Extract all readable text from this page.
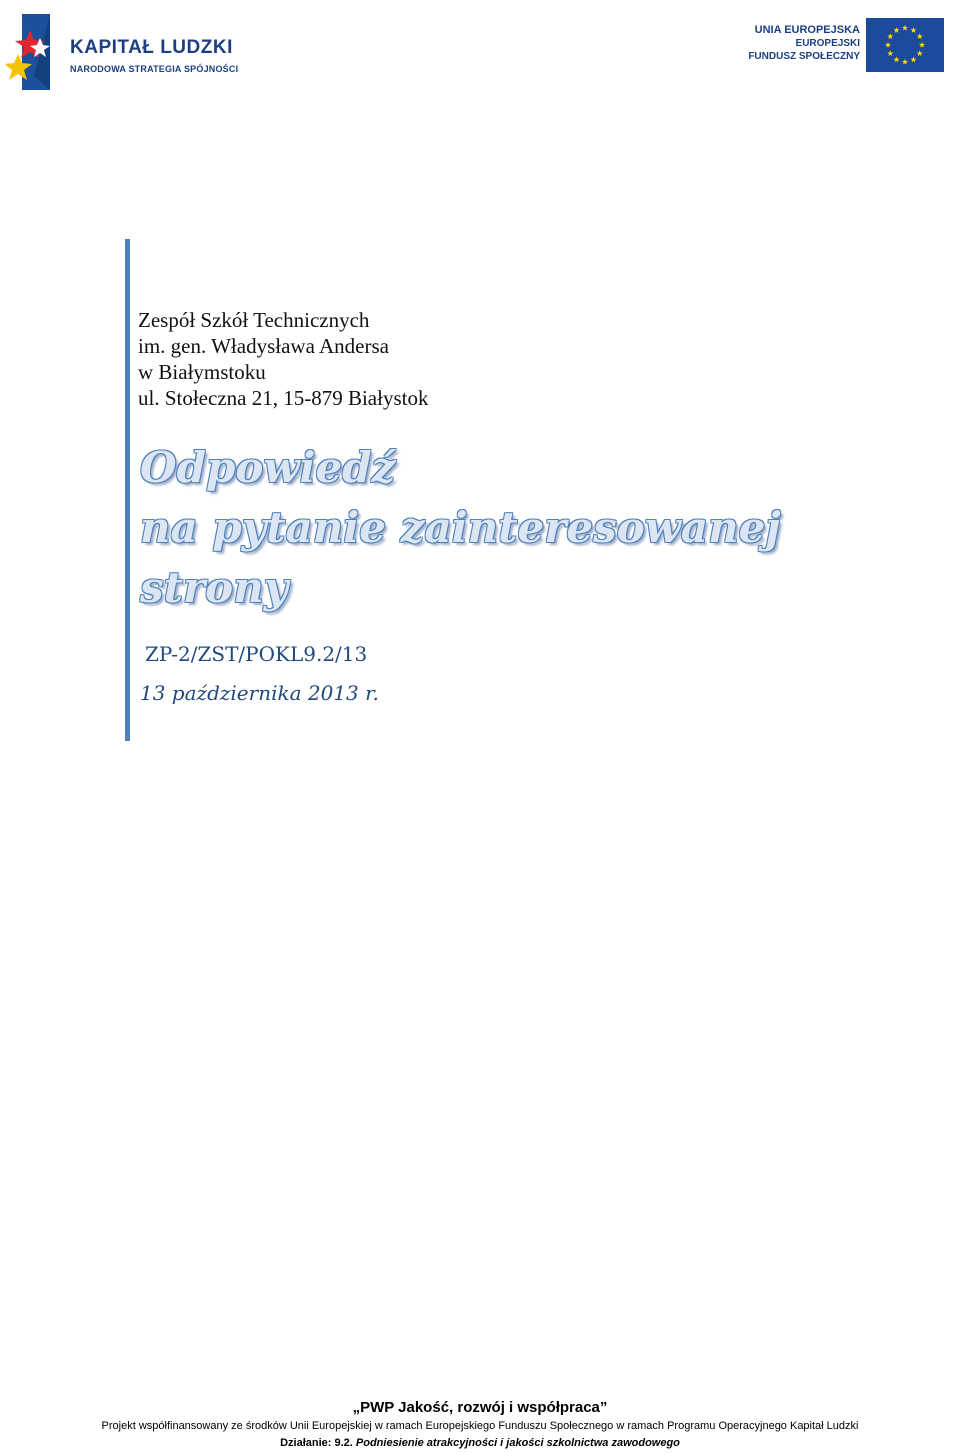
KAPITAŁ LUDZKI
NARODOWA STRATEGIA SPÓJNOŚCI
UNIA EUROPEJSKA
EUROPEJSKI
FUNDUSZ SPOŁECZNY
Zespół Szkół Technicznych
im. gen. Władysława Andersa
w Białymstoku
ul. Stołeczna 21, 15-879 Białystok
Odpowiedź
na pytanie zainteresowanej
strony
ZP-2/ZST/POKL9.2/13
13 października 2013 r.
„PWP Jakość, rozwój i współpraca”
Projekt współfinansowany ze środków Unii Europejskiej w ramach Europejskiego Funduszu Społecznego w ramach Programu Operacyjnego Kapitał Ludzki
Działanie: 9.2. Podniesienie atrakcyjności i jakości szkolnictwa zawodowego
